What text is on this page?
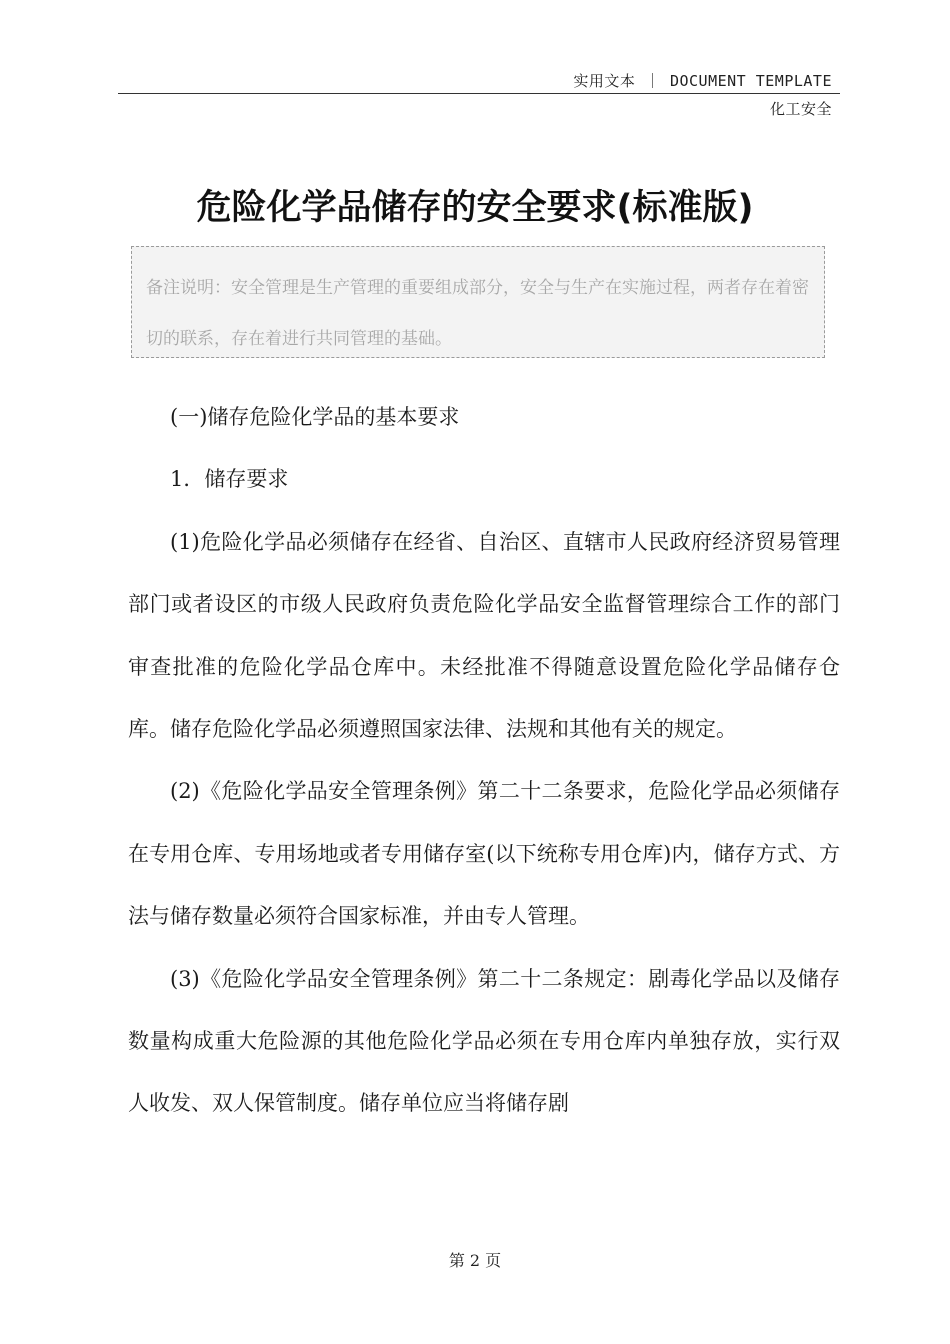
实用文本 ｜ DOCUMENT TEMPLATE
化工安全
危险化学品储存的安全要求(标准版)
备注说明：安全管理是生产管理的重要组成部分，安全与生产在实施过程，两者存在着密切的联系，存在着进行共同管理的基础。

(一)储存危险化学品的基本要求

1．储存要求

(1)危险化学品必须储存在经省、自治区、直辖市人民政府经济贸易管理部门或者设区的市级人民政府负责危险化学品安全监督管理综合工作的部门审查批准的危险化学品仓库中。未经批准不得随意设置危险化学品储存仓库。储存危险化学品必须遵照国家法律、法规和其他有关的规定。

(2)《危险化学品安全管理条例》第二十二条要求，危险化学品必须储存在专用仓库、专用场地或者专用储存室(以下统称专用仓库)内，储存方式、方法与储存数量必须符合国家标准，并由专人管理。

(3)《危险化学品安全管理条例》第二十二条规定：剧毒化学品以及储存数量构成重大危险源的其他危险化学品必须在专用仓库内单独存放，实行双人收发、双人保管制度。储存单位应当将储存剧

第 2 页
